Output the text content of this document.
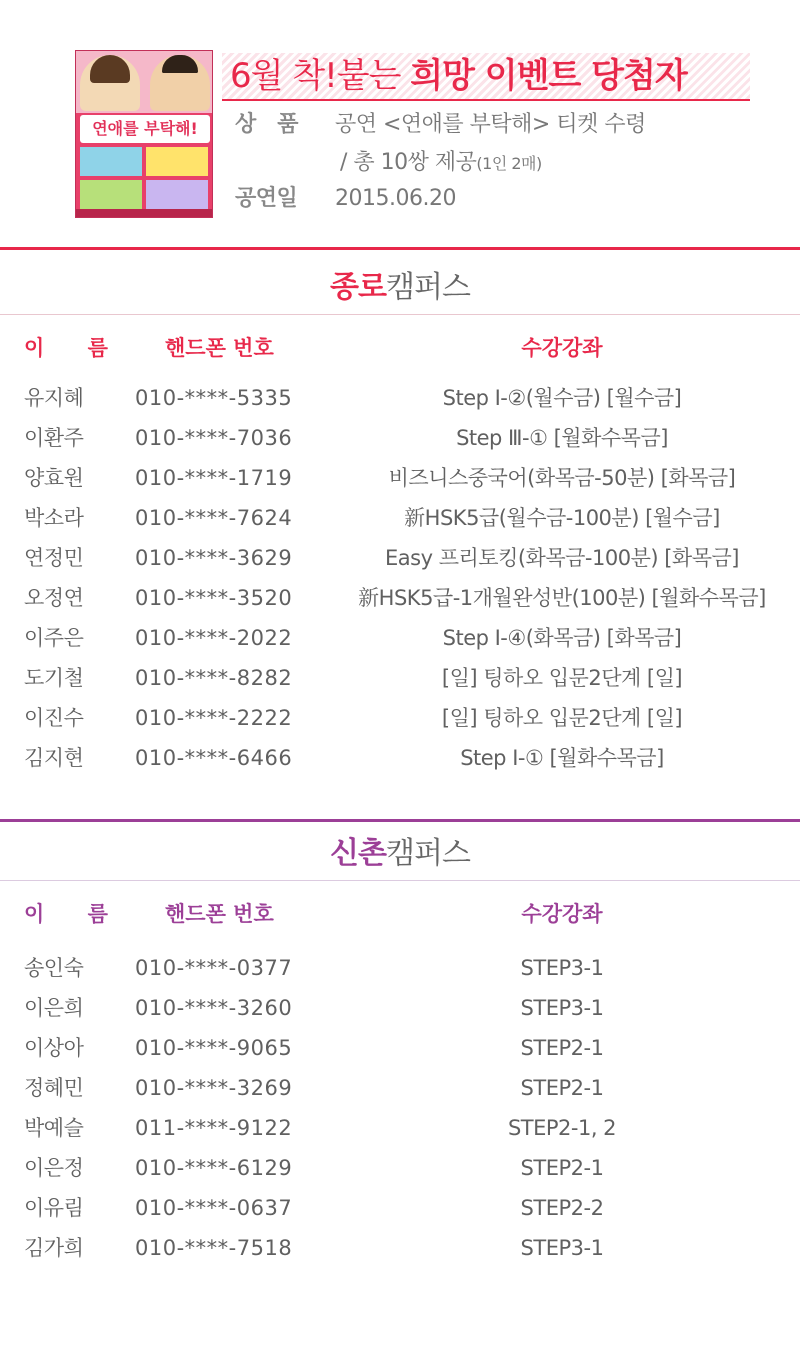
연애를 부탁해!
6월 착!붙는 희망 이벤트 당첨자
상　품 공연 <연애를 부탁해> 티켓 수령
/ 총 10쌍 제공(1인 2매)
공연일 2015.06.20
종로캠퍼스
이 름 핸드폰 번호	수강강좌
유지혜 010-****-5335	Step Ⅰ-②(월수금) [월수금]
이환주 010-****-7036	Step Ⅲ-① [월화수목금]
양효원 010-****-1719	비즈니스중국어(화목금-50분) [화목금]
박소라 010-****-7624	新HSK5급(월수금-100분) [월수금]
연정민 010-****-3629	Easy 프리토킹(화목금-100분) [화목금]
오정연 010-****-3520	新HSK5급-1개월완성반(100분) [월화수목금]
이주은 010-****-2022	Step Ⅰ-④(화목금) [화목금]
도기철 010-****-8282	[일] 팅하오 입문2단계 [일]
이진수 010-****-2222	[일] 팅하오 입문2단계 [일]
김지현 010-****-6466	Step Ⅰ-① [월화수목금]
신촌캠퍼스
이 름 핸드폰 번호	수강강좌
송인숙 010-****-0377	STEP3-1
이은희 010-****-3260	STEP3-1
이상아 010-****-9065	STEP2-1
정혜민 010-****-3269	STEP2-1
박예슬 011-****-9122	STEP2-1, 2
이은정 010-****-6129	STEP2-1
이유림 010-****-0637	STEP2-2
김가희 010-****-7518	STEP3-1
